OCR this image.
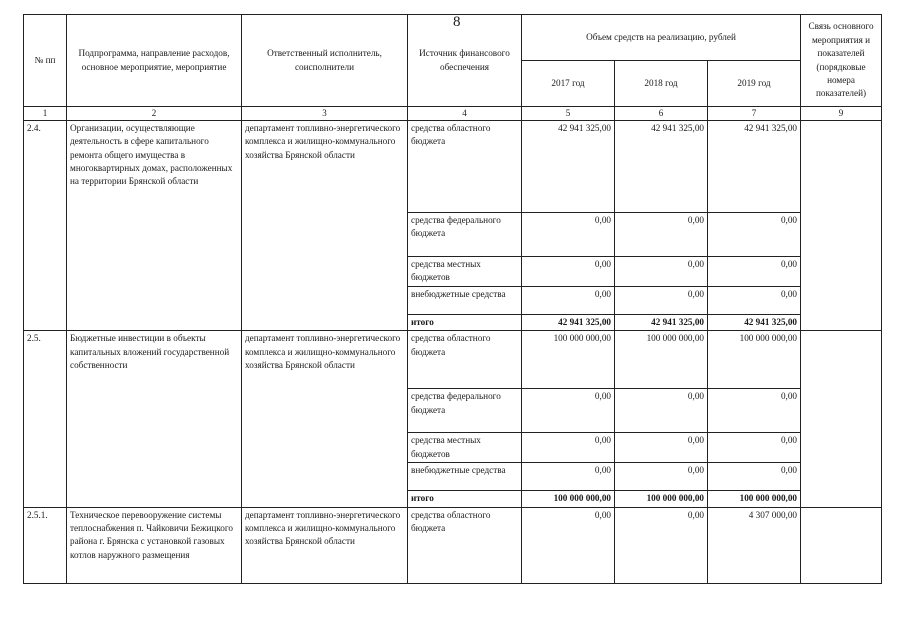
8
№ пп	Подпрограмма, направление расходов, основное мероприятие, мероприятие	Ответственный исполнитель, соисполнители	Источник финансового обеспечения	Объем средств на реализацию, рублей			Связь основного мероприятия и показателей (порядковые номера показателей)
				2017 год	2018 год	2019 год	
1	2	3	4	5	6	7	9
2.4.	Организации, осуществляющие деятельность в сфере капитального ремонта общего имущества в многоквартирных домах, расположенных на территории Брянской области	департамент топливно-энергетического комплекса и жилищно-коммунального хозяйства Брянской области	средства областного бюджета	42 941 325,00	42 941 325,00	42 941 325,00	
			средства федерального бюджета	0,00	0,00	0,00	
			средства местных бюджетов	0,00	0,00	0,00	
			внебюджетные средства	0,00	0,00	0,00	
			итого	42 941 325,00	42 941 325,00	42 941 325,00	
2.5.	Бюджетные инвестиции в объекты капитальных вложений государственной собственности	департамент топливно-энергетического комплекса и жилищно-коммунального хозяйства Брянской области	средства областного бюджета	100 000 000,00	100 000 000,00	100 000 000,00	
			средства федерального бюджета	0,00	0,00	0,00	
			средства местных бюджетов	0,00	0,00	0,00	
			внебюджетные средства	0,00	0,00	0,00	
			итого	100 000 000,00	100 000 000,00	100 000 000,00	
2.5.1.	Техническое перевооружение системы теплоснабжения п. Чайковичи Бежицкого района г. Брянска с установкой газовых котлов наружного размещения	департамент топливно-энергетического комплекса и жилищно-коммунального хозяйства Брянской области	средства областного бюджета	0,00	0,00	4 307 000,00	
